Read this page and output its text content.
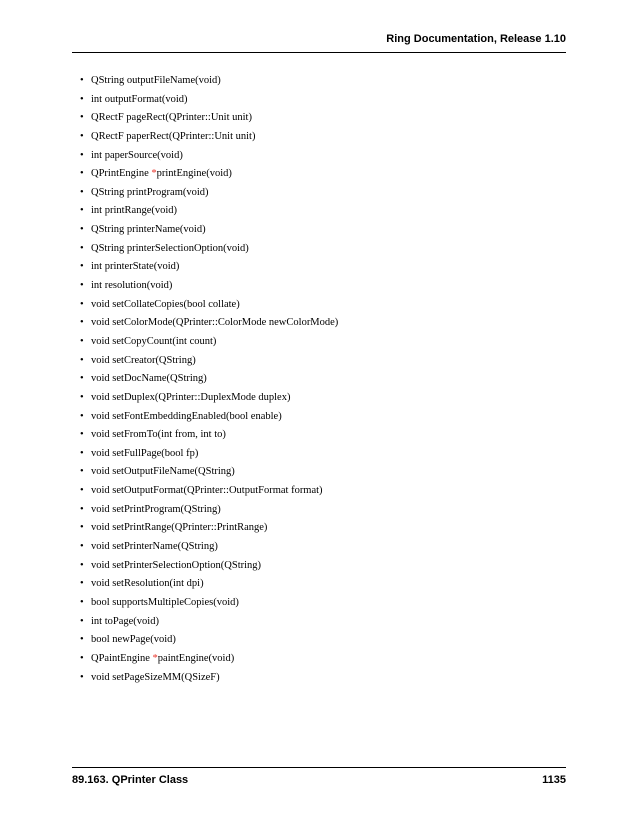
Ring Documentation, Release 1.10
• QString outputFileName(void)
• int outputFormat(void)
• QRectF pageRect(QPrinter::Unit unit)
• QRectF paperRect(QPrinter::Unit unit)
• int paperSource(void)
• QPrintEngine *printEngine(void)
• QString printProgram(void)
• int printRange(void)
• QString printerName(void)
• QString printerSelectionOption(void)
• int printerState(void)
• int resolution(void)
• void setCollateCopies(bool collate)
• void setColorMode(QPrinter::ColorMode newColorMode)
• void setCopyCount(int count)
• void setCreator(QString)
• void setDocName(QString)
• void setDuplex(QPrinter::DuplexMode duplex)
• void setFontEmbeddingEnabled(bool enable)
• void setFromTo(int from, int to)
• void setFullPage(bool fp)
• void setOutputFileName(QString)
• void setOutputFormat(QPrinter::OutputFormat format)
• void setPrintProgram(QString)
• void setPrintRange(QPrinter::PrintRange)
• void setPrinterName(QString)
• void setPrinterSelectionOption(QString)
• void setResolution(int dpi)
• bool supportsMultipleCopies(void)
• int toPage(void)
• bool newPage(void)
• QPaintEngine *paintEngine(void)
• void setPageSizeMM(QSizeF)
89.163. QPrinter Class	1135
